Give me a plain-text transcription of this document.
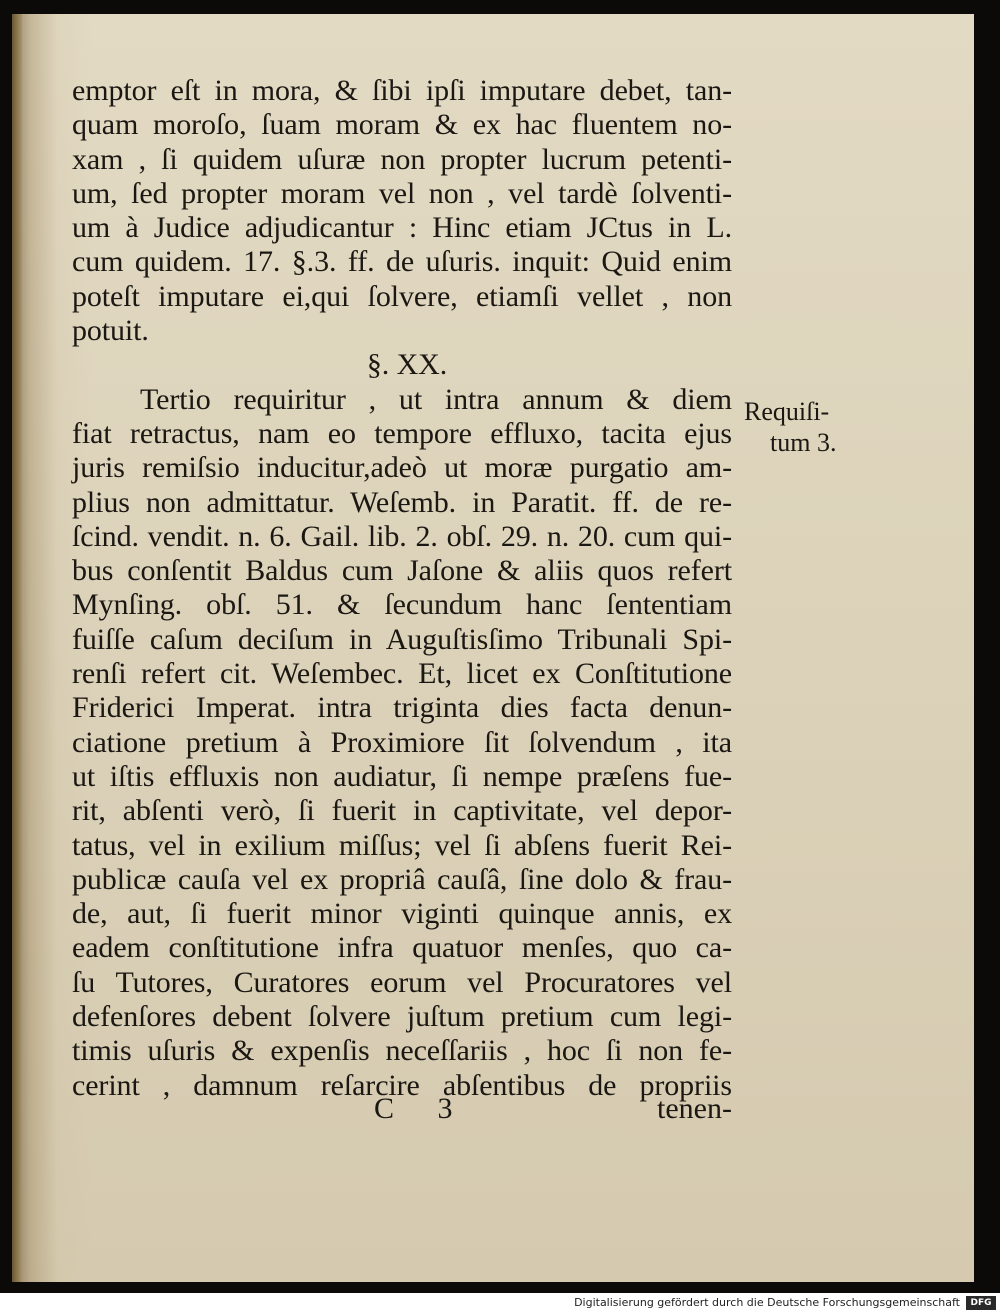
emptor eſt in mora, & ſibi ipſi imputare debet, tan-
quam moroſo, ſuam moram & ex hac fluentem no-
xam , ſi quidem uſuræ non propter lucrum petenti-
um, ſed propter moram vel non , vel tardè ſolventi-
um à Judice adjudicantur : Hinc etiam JCtus in L.
cum quidem. 17. §.3. ff. de uſuris. inquit: Quid enim
poteſt imputare ei,qui ſolvere, etiamſi vellet , non
potuit.
§. XX.
Tertio requiritur , ut intra annum & diem
fiat retractus, nam eo tempore effluxo, tacita ejus
juris remiſsio inducitur,adeò ut moræ purgatio am-
plius non admittatur. Weſemb. in Paratit. ff. de re-
ſcind. vendit. n. 6. Gail. lib. 2. obſ. 29. n. 20. cum qui-
bus conſentit Baldus cum Jaſone & aliis quos refert
Mynſing. obſ. 51. & ſecundum hanc ſententiam
fuiſſe caſum deciſum in Auguſtisſimo Tribunali Spi-
renſi refert cit. Weſembec. Et, licet ex Conſtitutione
Friderici Imperat. intra triginta dies facta denun-
ciatione pretium à Proximiore ſit ſolvendum , ita
ut iſtis effluxis non audiatur, ſi nempe præſens fue-
rit, abſenti verò, ſi fuerit in captivitate, vel depor-
tatus, vel in exilium miſſus; vel ſi abſens fuerit Rei-
publicæ cauſa vel ex propriâ cauſâ, ſine dolo & frau-
de, aut, ſi fuerit minor viginti quinque annis, ex
eadem conſtitutione infra quatuor menſes, quo ca-
ſu Tutores, Curatores eorum vel Procuratores vel
defenſores debent ſolvere juſtum pretium cum legi-
timis uſuris & expenſis neceſſariis , hoc ſi non fe-
cerint , damnum reſarcire abſentibus de propriis
Requiſi-
tum 3.
C 3	tenen-
Digitalisierung gefördert durch die Deutsche Forschungsgemeinschaft	DFG
